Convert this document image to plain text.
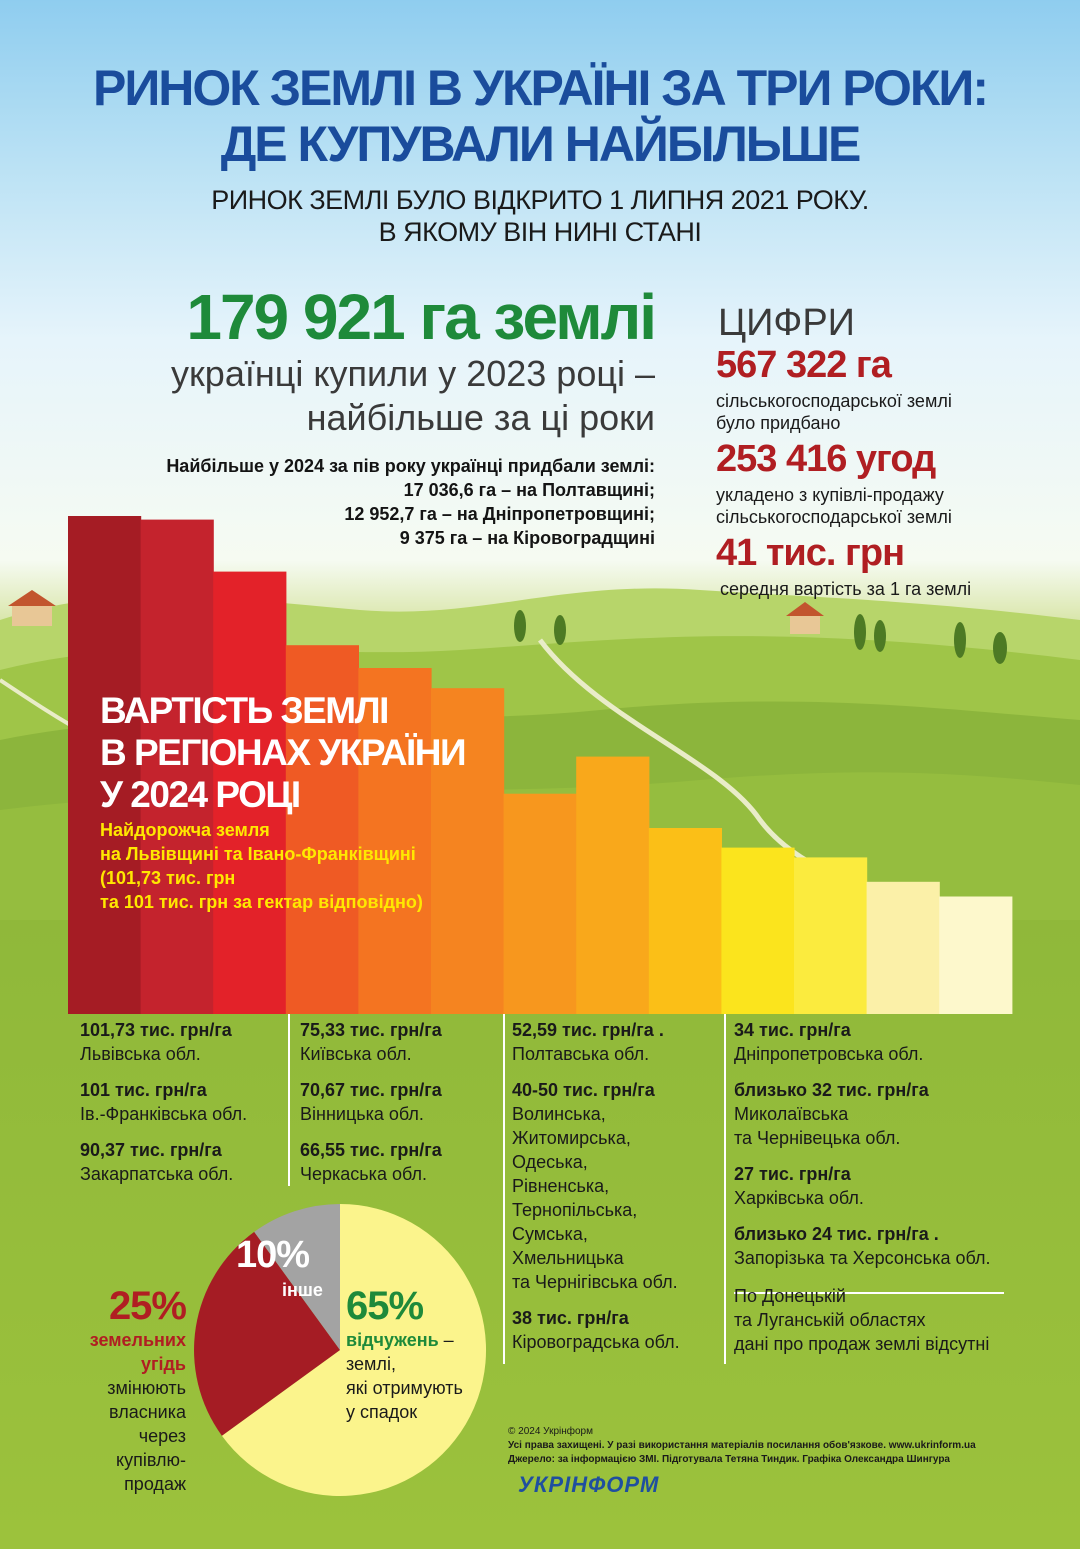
РИНОК ЗЕМЛІ В УКРАЇНІ ЗА ТРИ РОКИ:
ДЕ КУПУВАЛИ НАЙБІЛЬШЕ
РИНОК ЗЕМЛІ БУЛО ВІДКРИТО 1 ЛИПНЯ 2021 РОКУ.
В ЯКОМУ ВІН НИНІ СТАНІ
179 921 га землі
українці купили у 2023 році –
найбільше за ці роки
Найбільше у 2024 за пів року українці придбали землі:
17 036,6 га – на Полтавщині;
12 952,7 га – на Дніпропетровщині;
9 375 га – на Кіровоградщині
ЦИФРИ
567 322 га
сільськогосподарської землі
було придбано
253 416 угод
укладено з купівлі-продажу
сільськогосподарської землі
41 тис. грн
середня вартість за 1 га землі
ВАРТІСТЬ ЗЕМЛІ
В РЕГІОНАХ УКРАЇНИ
У 2024 РОЦІ
Найдорожча земля
на Львівщині та Івано-Франківщині
(101,73 тис. грн
та 101 тис. грн за гектар відповідно)
101,73 тис. грн/га
Львівська обл.
101 тис. грн/га
Ів.-Франківська обл.
90,37 тис. грн/га
Закарпатська обл.
75,33 тис. грн/га
Київська обл.
70,67 тис. грн/га
Вінницька обл.
66,55 тис. грн/га
Черкаська обл.
52,59 тис. грн/га .
Полтавська обл.
40-50 тис. грн/га
Волинська,
Житомирська,
Одеська,
Рівненська,
Тернопільська,
Сумська,
Хмельницька
та Чернігівська обл.
38 тис. грн/га
Кіровоградська обл.
34 тис. грн/га
Дніпропетровська обл.
близько 32 тис. грн/га
Миколаївська
та Чернівецька обл.
27 тис. грн/га
Харківська обл.
близько 24 тис. грн/га .
Запорізька та Херсонська обл.
По Донецькій
та Луганській областях
дані про продаж землі відсутні
10%
інше
25%
земельних
угідь
змінюють
власника
через
купівлю-
продаж
65%
відчужень –
землі,
які отримують
у спадок
© 2024 Укрінформ
Усі права захищені. У разі використання матеріалів посилання обов'язкове. www.ukrinform.ua
Джерело: за інформацією ЗМІ. Підготувала Тетяна Тиндик. Графіка Олександра Шингура
УКРІНФОРМ
